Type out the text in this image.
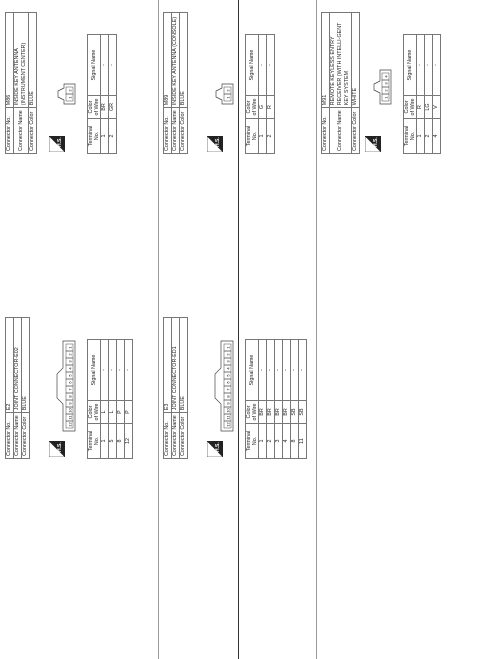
Connector No.	M86
Connector Name	INSIDE KEY ANTENNA (INSTRUMENT CENTER)
Connector Color	BLUE
H.S.
1
2
Terminal No.	Color of Wire	Signal Name
1	BR	-
2	GR	-
Connector No.	M89
Connector Name	INSIDE KEY ANTENNA (CONSOLE)
Connector Color	BLUE
H.S.
1
2
Terminal No.	Color of Wire	Signal Name
1	G	-
2	R	-
Connector No.	M91
Connector Name	REMOTE KEYLESS ENTRY RECEIVER (WITH INTELLI-GENT KEY SYSTEM
Connector Color	WHITE
H.S.
1
2
3
4
Terminal No.	Color of Wire	Signal Name
1	R	-
2	LG	-
4	V	-
Connector No.	E2
Connector Name	JOINT CONNECTOR-E02
Connector Color	BLUE
H.S.
12
11
10
9
8
7
6
5
4
3
2
1
Terminal No.	Color of Wire	Signal Name
1	L	-
5	L	-
8	P	-
12	P	-
Connector No.	E3
Connector Name	JOINT CONNECTOR-ED1
Connector Color	BLUE
H.S.
12
11
10
9
8
7
6
5
4
3
2
1
Terminal No.	Color of Wire	Signal Name
1	BR	-
2	BR	-
3	BR	-
4	BR	-
8	SB	-
11	SB	-
